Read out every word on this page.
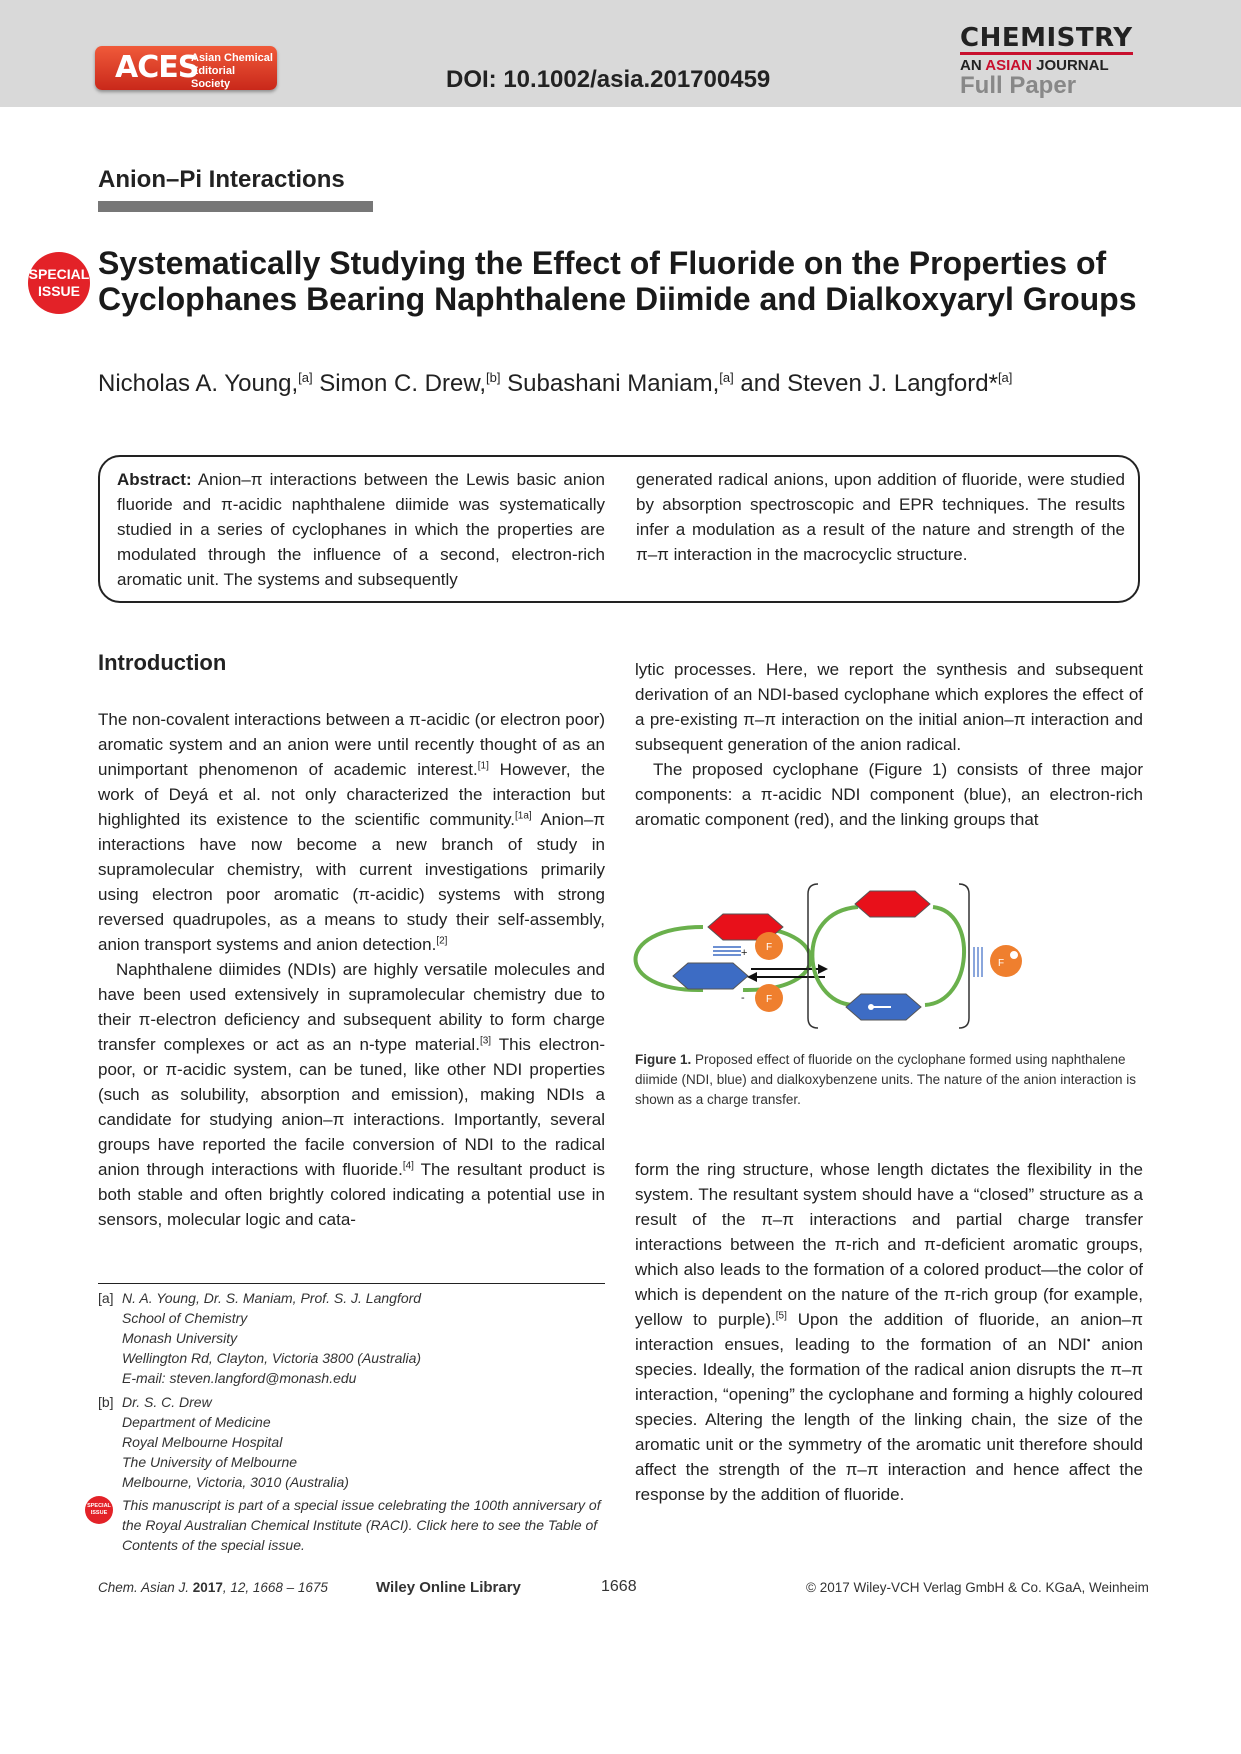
ACES
Asian Chemical
Editorial Society	DOI: 10.1002/asia.201700459
CHEMISTRY
AN ASIAN JOURNAL
Full Paper
Anion–Pi Interactions
SPECIAL
ISSUE
Systematically Studying the Effect of Fluoride on the Properties of Cyclophanes Bearing Naphthalene Diimide and Dialkoxyaryl Groups
Nicholas A. Young,[a] Simon C. Drew,[b] Subashani Maniam,[a] and Steven J. Langford*[a]
Abstract: Anion–π interactions between the Lewis basic anion fluoride and π-acidic naphthalene diimide was systematically studied in a series of cyclophanes in which the properties are modulated through the influence of a second, electron-rich aromatic unit. The systems and subsequently
generated radical anions, upon addition of fluoride, were studied by absorption spectroscopic and EPR techniques. The results infer a modulation as a result of the nature and strength of the π–π interaction in the macrocyclic structure.
Introduction

The non-covalent interactions between a π-acidic (or electron poor) aromatic system and an anion were until recently thought of as an unimportant phenomenon of academic interest.[1] However, the work of Deyá et al. not only characterized the interaction but highlighted its existence to the scientific community.[1a] Anion–π interactions have now become a new branch of study in supramolecular chemistry, with current investigations primarily using electron poor aromatic (π-acidic) systems with strong reversed quadrupoles, as a means to study their self-assembly, anion transport systems and anion detection.[2]

Naphthalene diimides (NDIs) are highly versatile molecules and have been used extensively in supramolecular chemistry due to their π-electron deficiency and subsequent ability to form charge transfer complexes or act as an n-type material.[3] This electron-poor, or π-acidic system, can be tuned, like other NDI properties (such as solubility, absorption and emission), making NDIs a candidate for studying anion–π interactions. Importantly, several groups have reported the facile conversion of NDI to the radical anion through interactions with fluoride.[4] The resultant product is both stable and often brightly colored indicating a potential use in sensors, molecular logic and cata-

lytic processes. Here, we report the synthesis and subsequent derivation of an NDI-based cyclophane which explores the effect of a pre-existing π–π interaction on the initial anion–π interaction and subsequent generation of the anion radical.

The proposed cyclophane (Figure 1) consists of three major components: a π-acidic NDI component (blue), an electron-rich aromatic component (red), and the linking groups that

+ F
- F
F
Figure 1. Proposed effect of fluoride on the cyclophane formed using naphthalene diimide (NDI, blue) and dialkoxybenzene units. The nature of the anion interaction is shown as a charge transfer.

form the ring structure, whose length dictates the flexibility in the system. The resultant system should have a “closed” structure as a result of the π–π interactions and partial charge transfer interactions between the π-rich and π-deficient aromatic groups, which also leads to the formation of a colored product—the color of which is dependent on the nature of the π-rich group (for example, yellow to purple).[5] Upon the addition of fluoride, an anion–π interaction ensues, leading to the formation of an NDI• anion species. Ideally, the formation of the radical anion disrupts the π–π interaction, “opening” the cyclophane and forming a highly coloured species. Altering the length of the linking chain, the size of the aromatic unit or the symmetry of the aromatic unit therefore should affect the strength of the π–π interaction and hence affect the response by the addition of fluoride.

[a] N. A. Young, Dr. S. Maniam, Prof. S. J. Langford
School of Chemistry
Monash University
Wellington Rd, Clayton, Victoria 3800 (Australia)
E-mail: steven.langford@monash.edu
[b] Dr. S. C. Drew
Department of Medicine
Royal Melbourne Hospital
The University of Melbourne
Melbourne, Victoria, 3010 (Australia)
SPECIAL
ISSUE This manuscript is part of a special issue celebrating the 100th anniversary of the Royal Australian Chemical Institute (RACI). Click here to see the Table of Contents of the special issue.
Chem. Asian J. 2017, 12, 1668 – 1675	Wiley Online Library	1668	© 2017 Wiley-VCH Verlag GmbH & Co. KGaA, Weinheim
